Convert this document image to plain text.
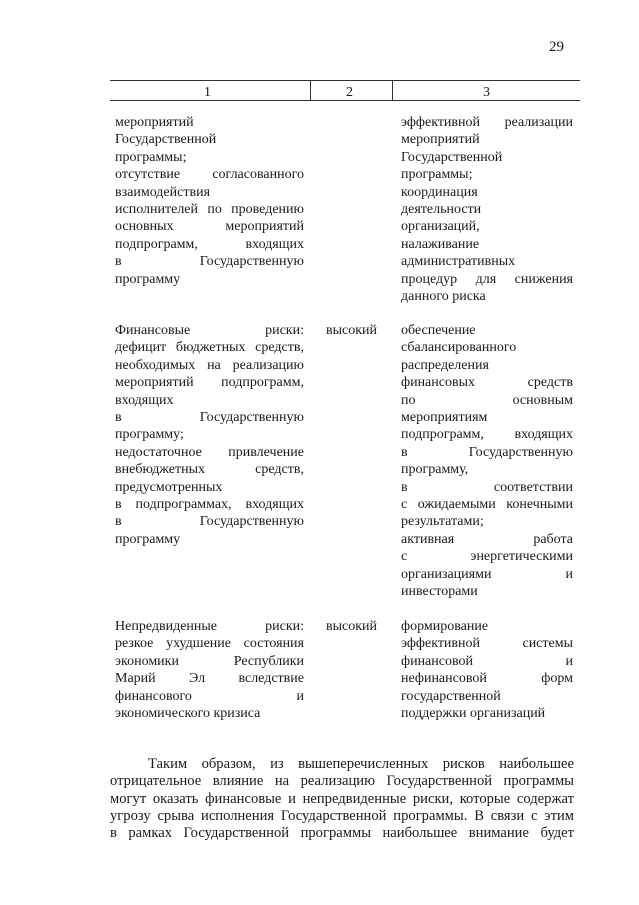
29
1	2	3
мероприятий
Государственной
программы;
отсутствие согласованного
взаимодействия
исполнителей по проведению
основных мероприятий
подпрограмм, входящих
в Государственную
программу
эффективной реализации
мероприятий
Государственной
программы;
координация
деятельности
организаций,
налаживание
административных
процедур для снижения
данного риска
Финансовые риски:
дефицит бюджетных средств,
необходимых на реализацию
мероприятий подпрограмм,
входящих
в Государственную
программу;
недостаточное привлечение
внебюджетных средств,
предусмотренных
в подпрограммах, входящих
в Государственную
программу
высокий обеспечение
сбалансированного
распределения
финансовых средств
по основным
мероприятиям
подпрограмм, входящих
в Государственную
программу,
в соответствии
с ожидаемыми конечными
результатами;
активная работа
с энергетическими
организациями и
инвесторами
Непредвиденные риски:
резкое ухудшение состояния
экономики Республики
Марий Эл вследствие
финансового и
экономического кризиса
высокий формирование
эффективной системы
финансовой и
нефинансовой форм
государственной
поддержки организаций
Таким образом, из вышеперечисленных рисков наибольшее
отрицательное влияние на реализацию Государственной программы
могут оказать финансовые и непредвиденные риски, которые содержат
угрозу срыва исполнения Государственной программы. В связи с этим
в рамках Государственной программы наибольшее внимание будет
